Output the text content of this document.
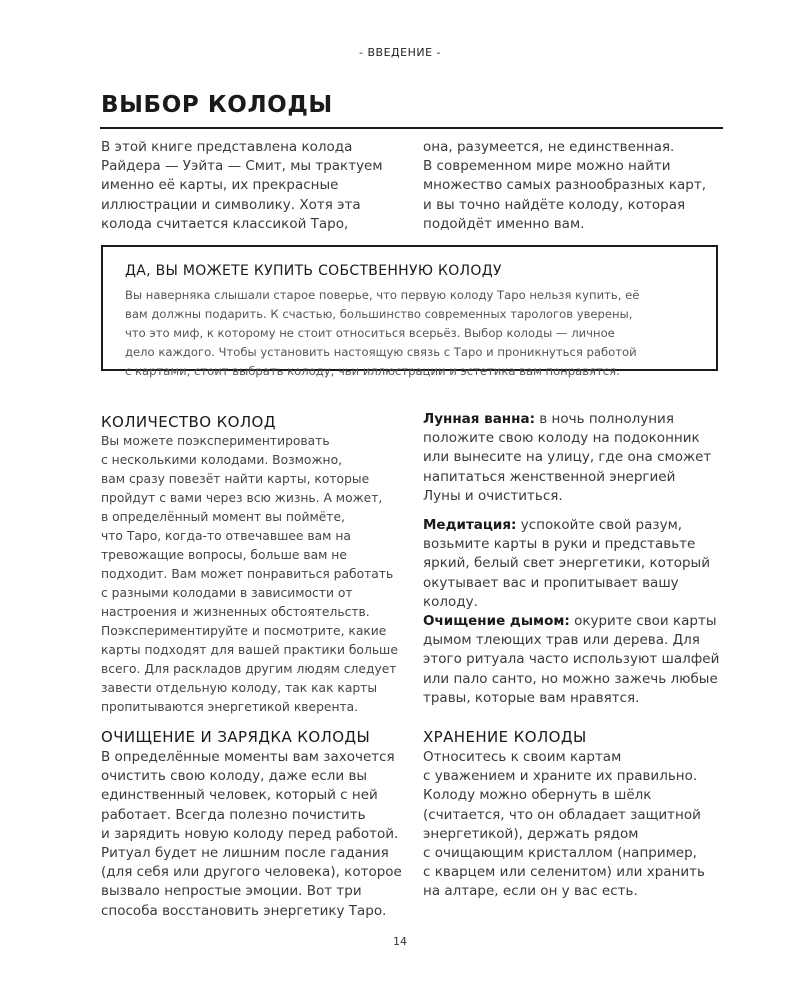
- ВВЕДЕНИЕ -
ВЫБОР КОЛОДЫ

В этой книге представлена колода
Райдера — Уэйта — Смит, мы трактуем
именно её карты, их прекрасные
иллюстрации и символику. Хотя эта
колода считается классикой Таро,

она, разумеется, не единственная.
В современном мире можно найти
множество самых разнообразных карт,
и вы точно найдёте колоду, которая
подойдёт именно вам.

ДА, ВЫ МОЖЕТЕ КУПИТЬ СОБСТВЕННУЮ КОЛОДУ

Вы наверняка слышали старое поверье, что первую колоду Таро нельзя купить, её
вам должны подарить. К счастью, большинство современных тарологов уверены,
что это миф, к которому не стоит относиться всерьёз. Выбор колоды — личное
дело каждого. Чтобы установить настоящую связь с Таро и проникнуться работой
с картами, стоит выбрать колоду, чьи иллюстрации и эстетика вам понравятся.

КОЛИЧЕСТВО КОЛОД

Вы можете поэкспериментировать
с несколькими колодами. Возможно,
вам сразу повезёт найти карты, которые
пройдут с вами через всю жизнь. А может,
в определённый момент вы поймёте,
что Таро, когда-то отвечавшее вам на
тревожащие вопросы, больше вам не
подходит. Вам может понравиться работать
с разными колодами в зависимости от
настроения и жизненных обстоятельств.
Поэкспериментируйте и посмотрите, какие
карты подходят для вашей практики больше
всего. Для раскладов другим людям следует
завести отдельную колоду, так как карты
пропитываются энергетикой кверента.

Лунная ванна: в ночь полнолуния
положите свою колоду на подоконник
или вынесите на улицу, где она сможет
напитаться женственной энергией
Луны и очиститься.

Медитация: успокойте свой разум,
возьмите карты в руки и представьте
яркий, белый свет энергетики, который
окутывает вас и пропитывает вашу колоду.

Очищение дымом: окурите свои карты
дымом тлеющих трав или дерева. Для
этого ритуала часто используют шалфей
или пало санто, но можно зажечь любые
травы, которые вам нравятся.

ОЧИЩЕНИЕ И ЗАРЯДКА КОЛОДЫ

В определённые моменты вам захочется
очистить свою колоду, даже если вы
единственный человек, который с ней
работает. Всегда полезно почистить
и зарядить новую колоду перед работой.
Ритуал будет не лишним после гадания
(для себя или другого человека), которое
вызвало непростые эмоции. Вот три
способа восстановить энергетику Таро.

ХРАНЕНИЕ КОЛОДЫ

Относитесь к своим картам
с уважением и храните их правильно.
Колоду можно обернуть в шёлк
(считается, что он обладает защитной
энергетикой), держать рядом
с очищающим кристаллом (например,
с кварцем или селенитом) или хранить
на алтаре, если он у вас есть.

14
